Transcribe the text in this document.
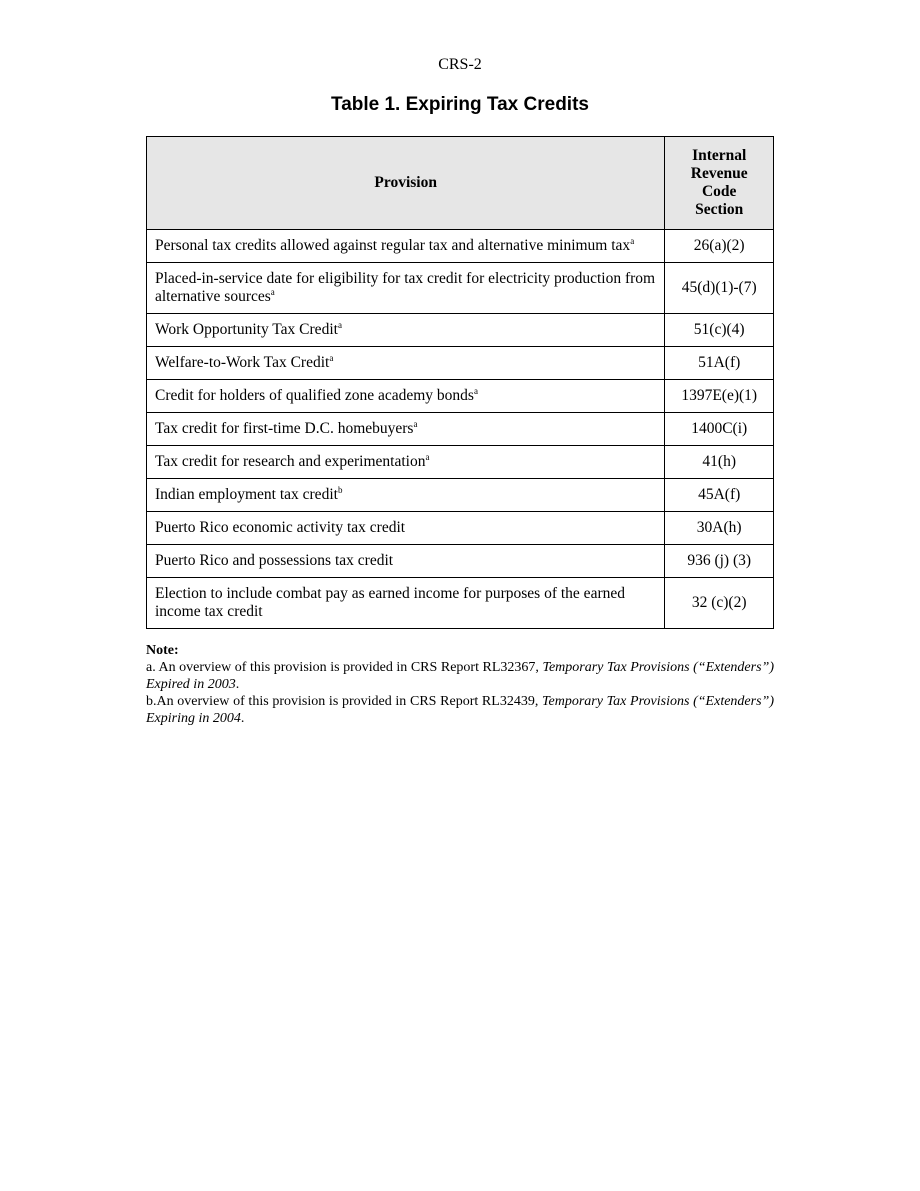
CRS-2
Table 1. Expiring Tax Credits
Provision	Internal
Revenue
Code
Section
Personal tax credits allowed against regular tax and alternative minimum tax$^a$	26(a)(2)
Placed-in-service date for eligibility for tax credit for electricity production from alternative sources$^a$	45(d)(1)-(7)
Work Opportunity Tax Credit$^a$	51(c)(4)
Welfare-to-Work Tax Credit$^a$	51A(f)
Credit for holders of qualified zone academy bonds$^a$	1397E(e)(1)
Tax credit for first-time D.C. homebuyers$^a$	1400C(i)
Tax credit for research and experimentation$^a$	41(h)
Indian employment tax credit$^b$	45A(f)
Puerto Rico economic activity tax credit	30A(h)
Puerto Rico and possessions tax credit	936 (j) (3)
Election to include combat pay as earned income for purposes of the earned income tax credit	32 (c)(2)

Note:

a. An overview of this provision is provided in CRS Report RL32367, Temporary Tax Provisions (“Extenders”) Expired in 2003.

b.An overview of this provision is provided in CRS Report RL32439, Temporary Tax Provisions (“Extenders”) Expiring in 2004.
